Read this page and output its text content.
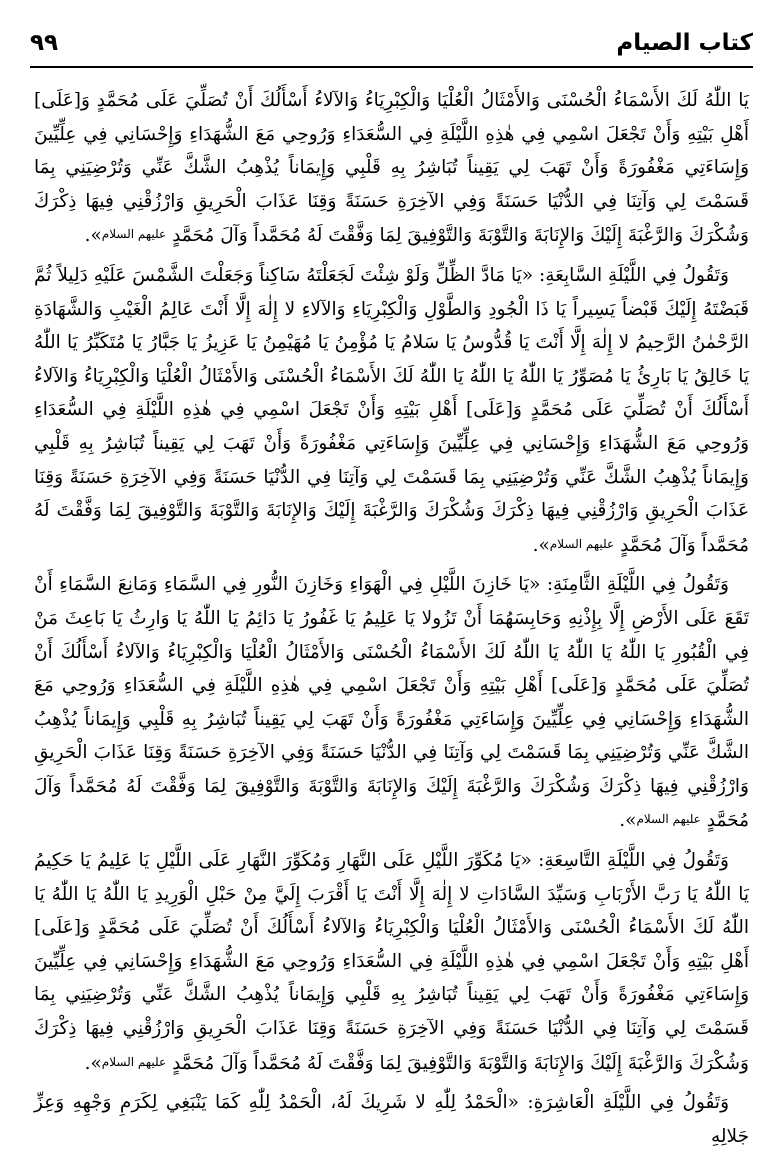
كتاب الصيام
٩٩

يَا اللّٰهُ لَكَ الأَسْمَاءُ الْحُسْنَى وَالأَمْثَالُ الْعُلْيَا وَالْكِبْرِيَاءُ وَالآلاءُ أَسْأَلُكَ أَنْ تُصَلِّيَ عَلَى مُحَمَّدٍ وَ[عَلَى] أَهْلِ بَيْتِهِ وَأَنْ تَجْعَلَ اسْمِي فِي هٰذِهِ اللَّيْلَةِ فِي السُّعَدَاءِ وَرُوحِي مَعَ الشُّهَدَاءِ وَإِحْسَانِي فِي عِلِّيِّينَ وَإِسَاءَتِي مَغْفُورَةً وَأَنْ تَهَبَ لِي يَقِيناً تُبَاشِرُ بِهِ قَلْبِي وَإِيمَاناً يُذْهِبُ الشَّكَّ عَنِّي وَتُرْضِيَنِي بِمَا قَسَمْتَ لِي وَآتِنَا فِي الدُّنْيَا حَسَنَةً وَفِي الآخِرَةِ حَسَنَةً وَقِنَا عَذَابَ الْحَرِيقِ وَارْزُقْنِي فِيهَا ذِكْرَكَ وَشُكْرَكَ وَالرَّغْبَةَ إِلَيْكَ وَالإِنَابَةَ وَالتَّوْبَةَ وَالتَّوْفِيقَ لِمَا وَفَّقْتَ لَهُ مُحَمَّداً وَآلَ مُحَمَّدٍ عليهم السلام».

وَتَقُولُ فِي اللَّيْلَةِ السَّابِعَةِ: «يَا مَادَّ الظِّلِّ وَلَوْ شِئْتَ لَجَعَلْتَهُ سَاكِناً وَجَعَلْتَ الشَّمْسَ عَلَيْهِ دَلِيلاً ثُمَّ قَبَضْتَهُ إِلَيْكَ قَبْضاً يَسِيراً يَا ذَا الْجُودِ وَالطَّوْلِ وَالْكِبْرِيَاءِ وَالآلاءِ لا إِلٰهَ إِلَّا أَنْتَ عَالِمُ الْغَيْبِ وَالشَّهَادَةِ الرَّحْمٰنُ الرَّحِيمُ لا إِلٰهَ إِلَّا أَنْتَ يَا قُدُّوسُ يَا سَلامُ يَا مُؤْمِنُ يَا مُهَيْمِنُ يَا عَزِيزُ يَا جَبَّارُ يَا مُتَكَبِّرُ يَا اللّٰهُ يَا خَالِقُ يَا بَارِئُ يَا مُصَوِّرُ يَا اللّٰهُ يَا اللّٰهُ يَا اللّٰهُ لَكَ الأَسْمَاءُ الْحُسْنَى وَالأَمْثَالُ الْعُلْيَا وَالْكِبْرِيَاءُ وَالآلاءُ أَسْأَلُكَ أَنْ تُصَلِّيَ عَلَى مُحَمَّدٍ وَ[عَلَى] أَهْلِ بَيْتِهِ وَأَنْ تَجْعَلَ اسْمِي فِي هٰذِهِ اللَّيْلَةِ فِي السُّعَدَاءِ وَرُوحِي مَعَ الشُّهَدَاءِ وَإِحْسَانِي فِي عِلِّيِّينَ وَإِسَاءَتِي مَغْفُورَةً وَأَنْ تَهَبَ لِي يَقِيناً تُبَاشِرُ بِهِ قَلْبِي وَإِيمَاناً يُذْهِبُ الشَّكَّ عَنِّي وَتُرْضِيَنِي بِمَا قَسَمْتَ لِي وَآتِنَا فِي الدُّنْيَا حَسَنَةً وَفِي الآخِرَةِ حَسَنَةً وَقِنَا عَذَابَ الْحَرِيقِ وَارْزُقْنِي فِيهَا ذِكْرَكَ وَشُكْرَكَ وَالرَّغْبَةَ إِلَيْكَ وَالإِنَابَةَ وَالتَّوْبَةَ وَالتَّوْفِيقَ لِمَا وَفَّقْتَ لَهُ مُحَمَّداً وَآلَ مُحَمَّدٍ عليهم السلام».

وَتَقُولُ فِي اللَّيْلَةِ الثَّامِنَةِ: «يَا خَازِنَ اللَّيْلِ فِي الْهَوَاءِ وَخَازِنَ النُّورِ فِي السَّمَاءِ وَمَانِعَ السَّمَاءِ أَنْ تَقَعَ عَلَى الأَرْضِ إِلَّا بِإِذْنِهِ وَحَابِسَهُمَا أَنْ تَزُولا يَا عَلِيمُ يَا غَفُورُ يَا دَائِمُ يَا اللّٰهُ يَا وَارِثُ يَا بَاعِثَ مَنْ فِي الْقُبُورِ يَا اللّٰهُ يَا اللّٰهُ يَا اللّٰهُ لَكَ الأَسْمَاءُ الْحُسْنَى وَالأَمْثَالُ الْعُلْيَا وَالْكِبْرِيَاءُ وَالآلاءُ أَسْأَلُكَ أَنْ تُصَلِّيَ عَلَى مُحَمَّدٍ وَ[عَلَى] أَهْلِ بَيْتِهِ وَأَنْ تَجْعَلَ اسْمِي فِي هٰذِهِ اللَّيْلَةِ فِي السُّعَدَاءِ وَرُوحِي مَعَ الشُّهَدَاءِ وَإِحْسَانِي فِي عِلِّيِّينَ وَإِسَاءَتِي مَغْفُورَةً وَأَنْ تَهَبَ لِي يَقِيناً تُبَاشِرُ بِهِ قَلْبِي وَإِيمَاناً يُذْهِبُ الشَّكَّ عَنِّي وَتُرْضِيَنِي بِمَا قَسَمْتَ لِي وَآتِنَا فِي الدُّنْيَا حَسَنَةً وَفِي الآخِرَةِ حَسَنَةً وَقِنَا عَذَابَ الْحَرِيقِ وَارْزُقْنِي فِيهَا ذِكْرَكَ وَشُكْرَكَ وَالرَّغْبَةَ إِلَيْكَ وَالإِنَابَةَ وَالتَّوْبَةَ وَالتَّوْفِيقَ لِمَا وَفَّقْتَ لَهُ مُحَمَّداً وَآلَ مُحَمَّدٍ عليهم السلام».

وَتَقُولُ فِي اللَّيْلَةِ التَّاسِعَةِ: «يَا مُكَوِّرَ اللَّيْلِ عَلَى النَّهَارِ وَمُكَوِّرَ النَّهَارِ عَلَى اللَّيْلِ يَا عَلِيمُ يَا حَكِيمُ يَا اللّٰهُ يَا رَبَّ الأَرْبَابِ وَسَيِّدَ السَّادَاتِ لا إِلٰهَ إِلَّا أَنْتَ يَا أَقْرَبَ إِلَيَّ مِنْ حَبْلِ الْوَرِيدِ يَا اللّٰهُ يَا اللّٰهُ يَا اللّٰهُ لَكَ الأَسْمَاءُ الْحُسْنَى وَالأَمْثَالُ الْعُلْيَا وَالْكِبْرِيَاءُ وَالآلاءُ أَسْأَلُكَ أَنْ تُصَلِّيَ عَلَى مُحَمَّدٍ وَ[عَلَى] أَهْلِ بَيْتِهِ وَأَنْ تَجْعَلَ اسْمِي فِي هٰذِهِ اللَّيْلَةِ فِي السُّعَدَاءِ وَرُوحِي مَعَ الشُّهَدَاءِ وَإِحْسَانِي فِي عِلِّيِّينَ وَإِسَاءَتِي مَغْفُورَةً وَأَنْ تَهَبَ لِي يَقِيناً تُبَاشِرُ بِهِ قَلْبِي وَإِيمَاناً يُذْهِبُ الشَّكَّ عَنِّي وَتُرْضِيَنِي بِمَا قَسَمْتَ لِي وَآتِنَا فِي الدُّنْيَا حَسَنَةً وَفِي الآخِرَةِ حَسَنَةً وَقِنَا عَذَابَ الْحَرِيقِ وَارْزُقْنِي فِيهَا ذِكْرَكَ وَشُكْرَكَ وَالرَّغْبَةَ إِلَيْكَ وَالإِنَابَةَ وَالتَّوْبَةَ وَالتَّوْفِيقَ لِمَا وَفَّقْتَ لَهُ مُحَمَّداً وَآلَ مُحَمَّدٍ عليهم السلام».

وَتَقُولُ فِي اللَّيْلَةِ الْعَاشِرَةِ: «الْحَمْدُ لِلّٰهِ لا شَرِيكَ لَهُ، الْحَمْدُ لِلّٰهِ كَمَا يَنْبَغِي لِكَرَمِ وَجْهِهِ وَعِزِّ جَلالِهِ
